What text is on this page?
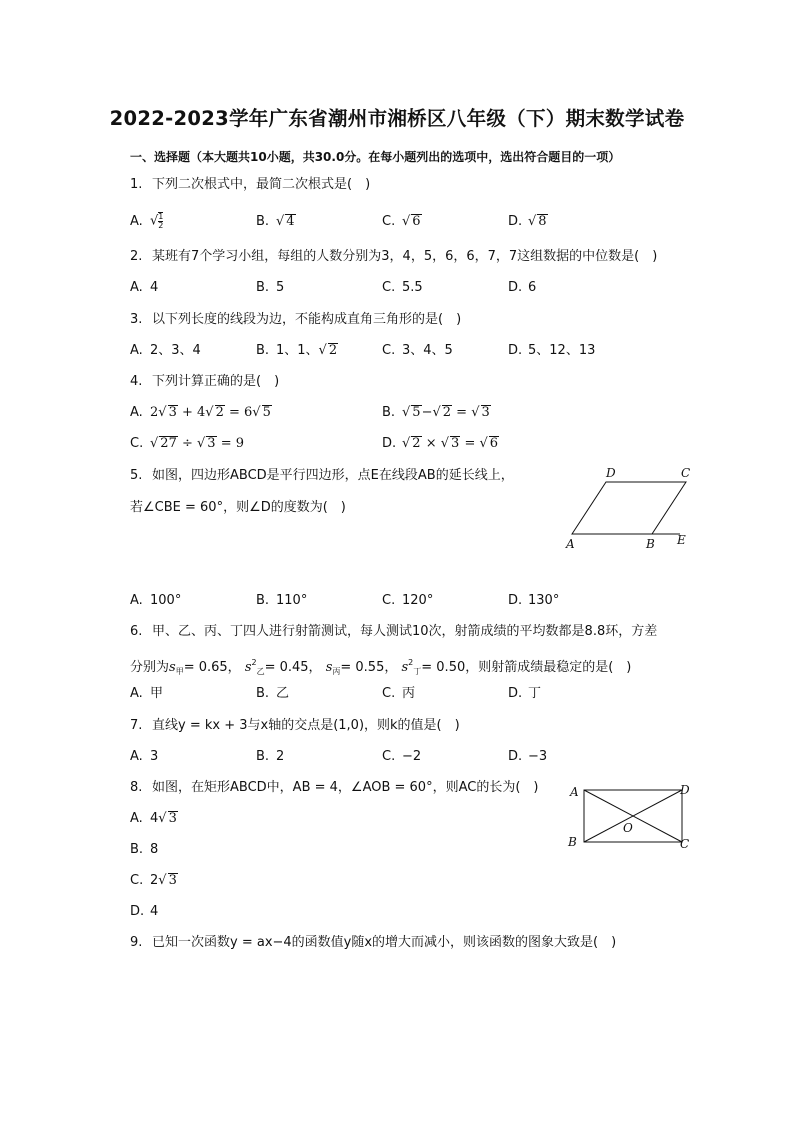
2022-2023学年广东省潮州市湘桥区八年级（下）期末数学试卷
一、选择题（本大题共10小题，共30.0分。在每小题列出的选项中，选出符合题目的一项）
1. 下列二次根式中，最简二次根式是(　)
A. √ $\frac{1}{2}$	B. √ 4	C. √ 6	D. √ 8
2. 某班有7个学习小组，每组的人数分别为3，4，5，6，6，7，7这组数据的中位数是(　)
A. 4	B. 5	C. 5.5	D. 6
3. 以下列长度的线段为边，不能构成直角三角形的是(　)
A. 2、3、4	B. 1、1、√ 2	C. 3、4、5	D. 5、12、13
4. 下列计算正确的是(　)
A. 2√ 3 + 4√ 2 = 6√ 5	B. √ 5−√ 2 = √ 3
C. √ 27 ÷ √ 3 = 9	D. √ 2 × √ 3 = √ 6
5. 如图，四边形ABCD是平行四边形，点E在线段AB的延长线上，
若∠CBE = 60°，则∠D的度数为(　)
D	C
A	B E
A. 100°	B. 110°	C. 120°	D. 130°
6. 甲、乙、丙、丁四人进行射箭测试，每人测试10次，射箭成绩的平均数都是8.8环，方差
分别为$s_甲= 0.65$， $s^2_乙= 0.45$， $s_丙= 0.55$， $s^2_丁= 0.50$，则射箭成绩最稳定的是(　)
A. 甲	B. 乙	C. 丙	D. 丁
7. 直线y = kx + 3与x轴的交点是(1,0)，则k的值是(　)
A. 3	B. 2	C. −2	D. −3
8. 如图，在矩形ABCD中，AB = 4，∠AOB = 60°，则AC的长为(　)	A	D
B	C
O
A. 4√ 3
B. 8
C. 2√ 3
D. 4
9. 已知一次函数y = ax−4的函数值y随x的增大而减小，则该函数的图象大致是(　)
